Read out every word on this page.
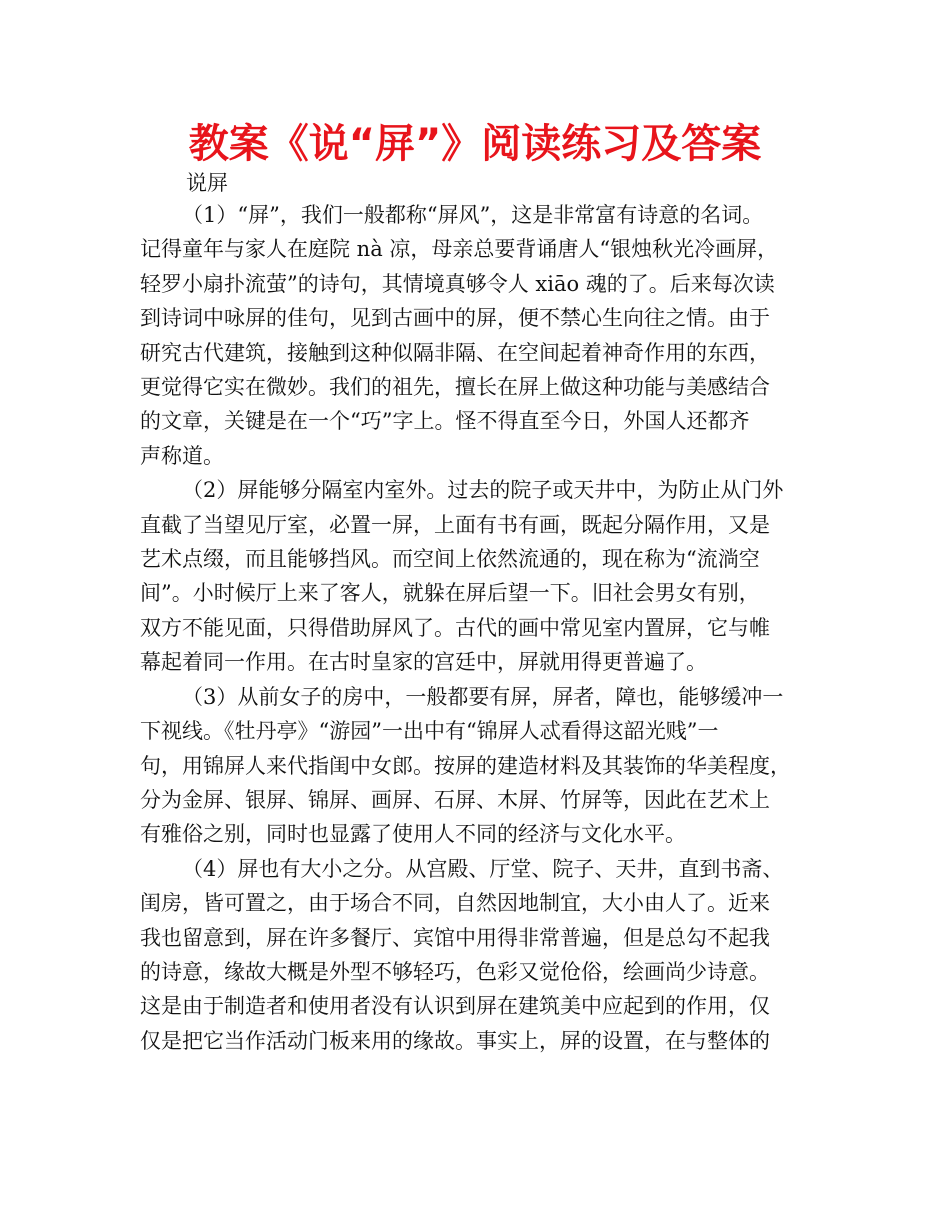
教案《说“屏”》阅读练习及答案
说屏
（1）“屏”，我们一般都称“屏风”，这是非常富有诗意的名词。
记得童年与家人在庭院 nà 凉，母亲总要背诵唐人“银烛秋光冷画屏，
轻罗小扇扑流萤”的诗句，其情境真够令人 xiāo 魂的了。后来每次读
到诗词中咏屏的佳句，见到古画中的屏，便不禁心生向往之情。由于
研究古代建筑，接触到这种似隔非隔、在空间起着神奇作用的东西，
更觉得它实在微妙。我们的祖先，擅长在屏上做这种功能与美感结合
的文章，关键是在一个“巧”字上。怪不得直至今日，外国人还都齐
声称道。
（2）屏能够分隔室内室外。过去的院子或天井中，为防止从门外
直截了当望见厅室，必置一屏，上面有书有画，既起分隔作用，又是
艺术点缀，而且能够挡风。而空间上依然流通的，现在称为“流淌空
间”。小时候厅上来了客人，就躲在屏后望一下。旧社会男女有别，
双方不能见面，只得借助屏风了。古代的画中常见室内置屏，它与帷
幕起着同一作用。在古时皇家的宫廷中，屏就用得更普遍了。
（3）从前女子的房中，一般都要有屏，屏者，障也，能够缓冲一
下视线。《牡丹亭》“游园”一出中有“锦屏人忒看得这韶光贱”一
句，用锦屏人来代指闺中女郎。按屏的建造材料及其装饰的华美程度，
分为金屏、银屏、锦屏、画屏、石屏、木屏、竹屏等，因此在艺术上
有雅俗之别，同时也显露了使用人不同的经济与文化水平。
（4）屏也有大小之分。从宫殿、厅堂、院子、天井，直到书斋、
闺房，皆可置之，由于场合不同，自然因地制宜，大小由人了。近来
我也留意到，屏在许多餐厅、宾馆中用得非常普遍，但是总勾不起我
的诗意，缘故大概是外型不够轻巧，色彩又觉伧俗，绘画尚少诗意。
这是由于制造者和使用者没有认识到屏在建筑美中应起到的作用，仅
仅是把它当作活动门板来用的缘故。事实上，屏的设置，在与整体的
